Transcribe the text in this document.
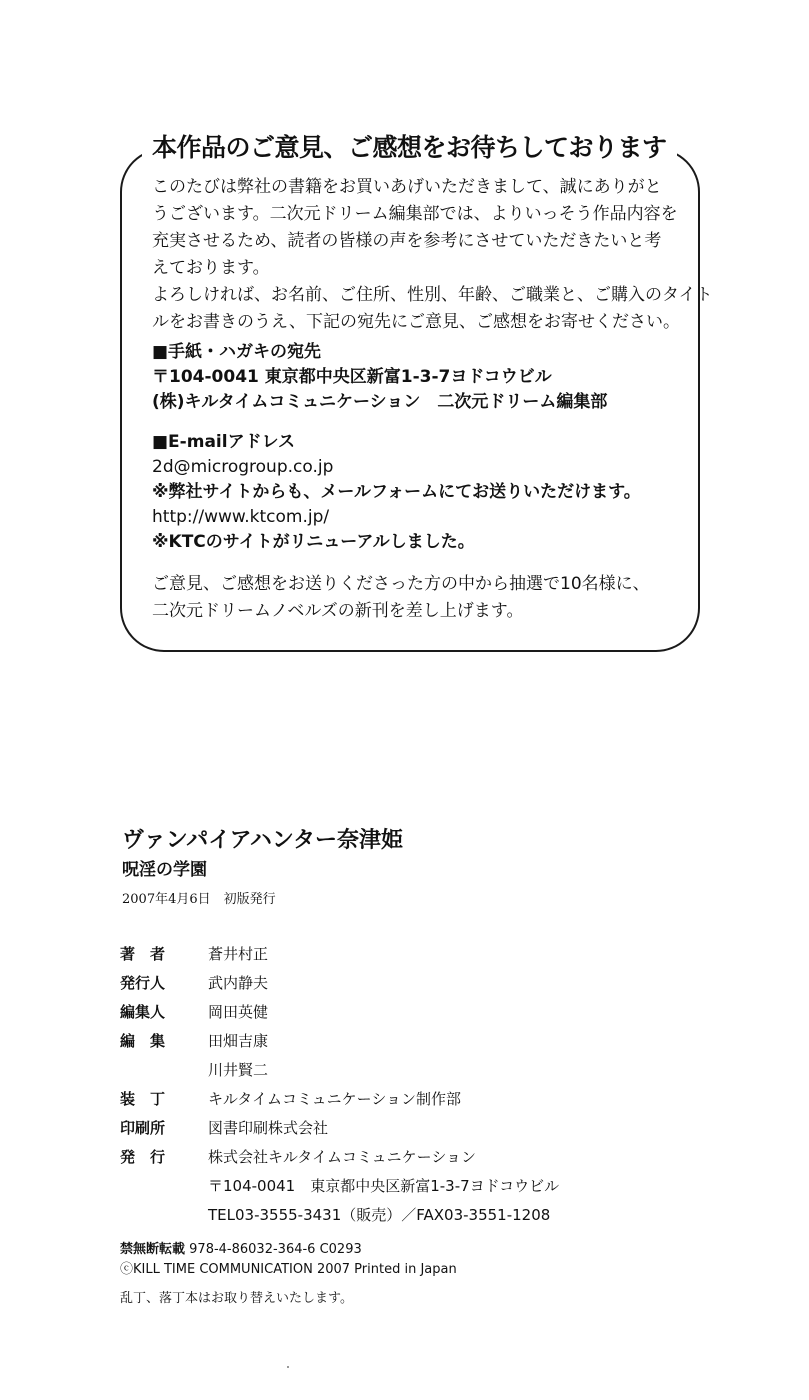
本作品のご意見、ご感想をお待ちしております
このたびは弊社の書籍をお買いあげいただきまして、誠にありがと
うございます。二次元ドリーム編集部では、よりいっそう作品内容を
充実させるため、読者の皆様の声を参考にさせていただきたいと考
えております。
よろしければ、お名前、ご住所、性別、年齢、ご職業と、ご購入のタイト
ルをお書きのうえ、下記の宛先にご意見、ご感想をお寄せください。
■手紙・ハガキの宛先
〒104-0041 東京都中央区新富1-3-7ヨドコウビル
(株)キルタイムコミュニケーション　二次元ドリーム編集部
■E-mailアドレス
2d@microgroup.co.jp
※弊社サイトからも、メールフォームにてお送りいただけます。
http://www.ktcom.jp/
※KTCのサイトがリニューアルしました。
ご意見、ご感想をお送りくださった方の中から抽選で10名様に、
二次元ドリームノベルズの新刊を差し上げます。
ヴァンパイアハンター奈津姫
呪淫の学園
2007年4月6日　初版発行
著　者	蒼井村正
発行人	武内静夫
編集人	岡田英健
編　集	田畑吉康
川井賢二
装　丁	キルタイムコミュニケーション制作部
印刷所	図書印刷株式会社
発　行	株式会社キルタイムコミュニケーション
〒104-0041　東京都中央区新富1-3-7ヨドコウビル
TEL03-3555-3431（販売）／FAX03-3551-1208
禁無断転載 978-4-86032-364-6 C0293
ⓒKILL TIME COMMUNICATION 2007 Printed in Japan
乱丁、落丁本はお取り替えいたします。
